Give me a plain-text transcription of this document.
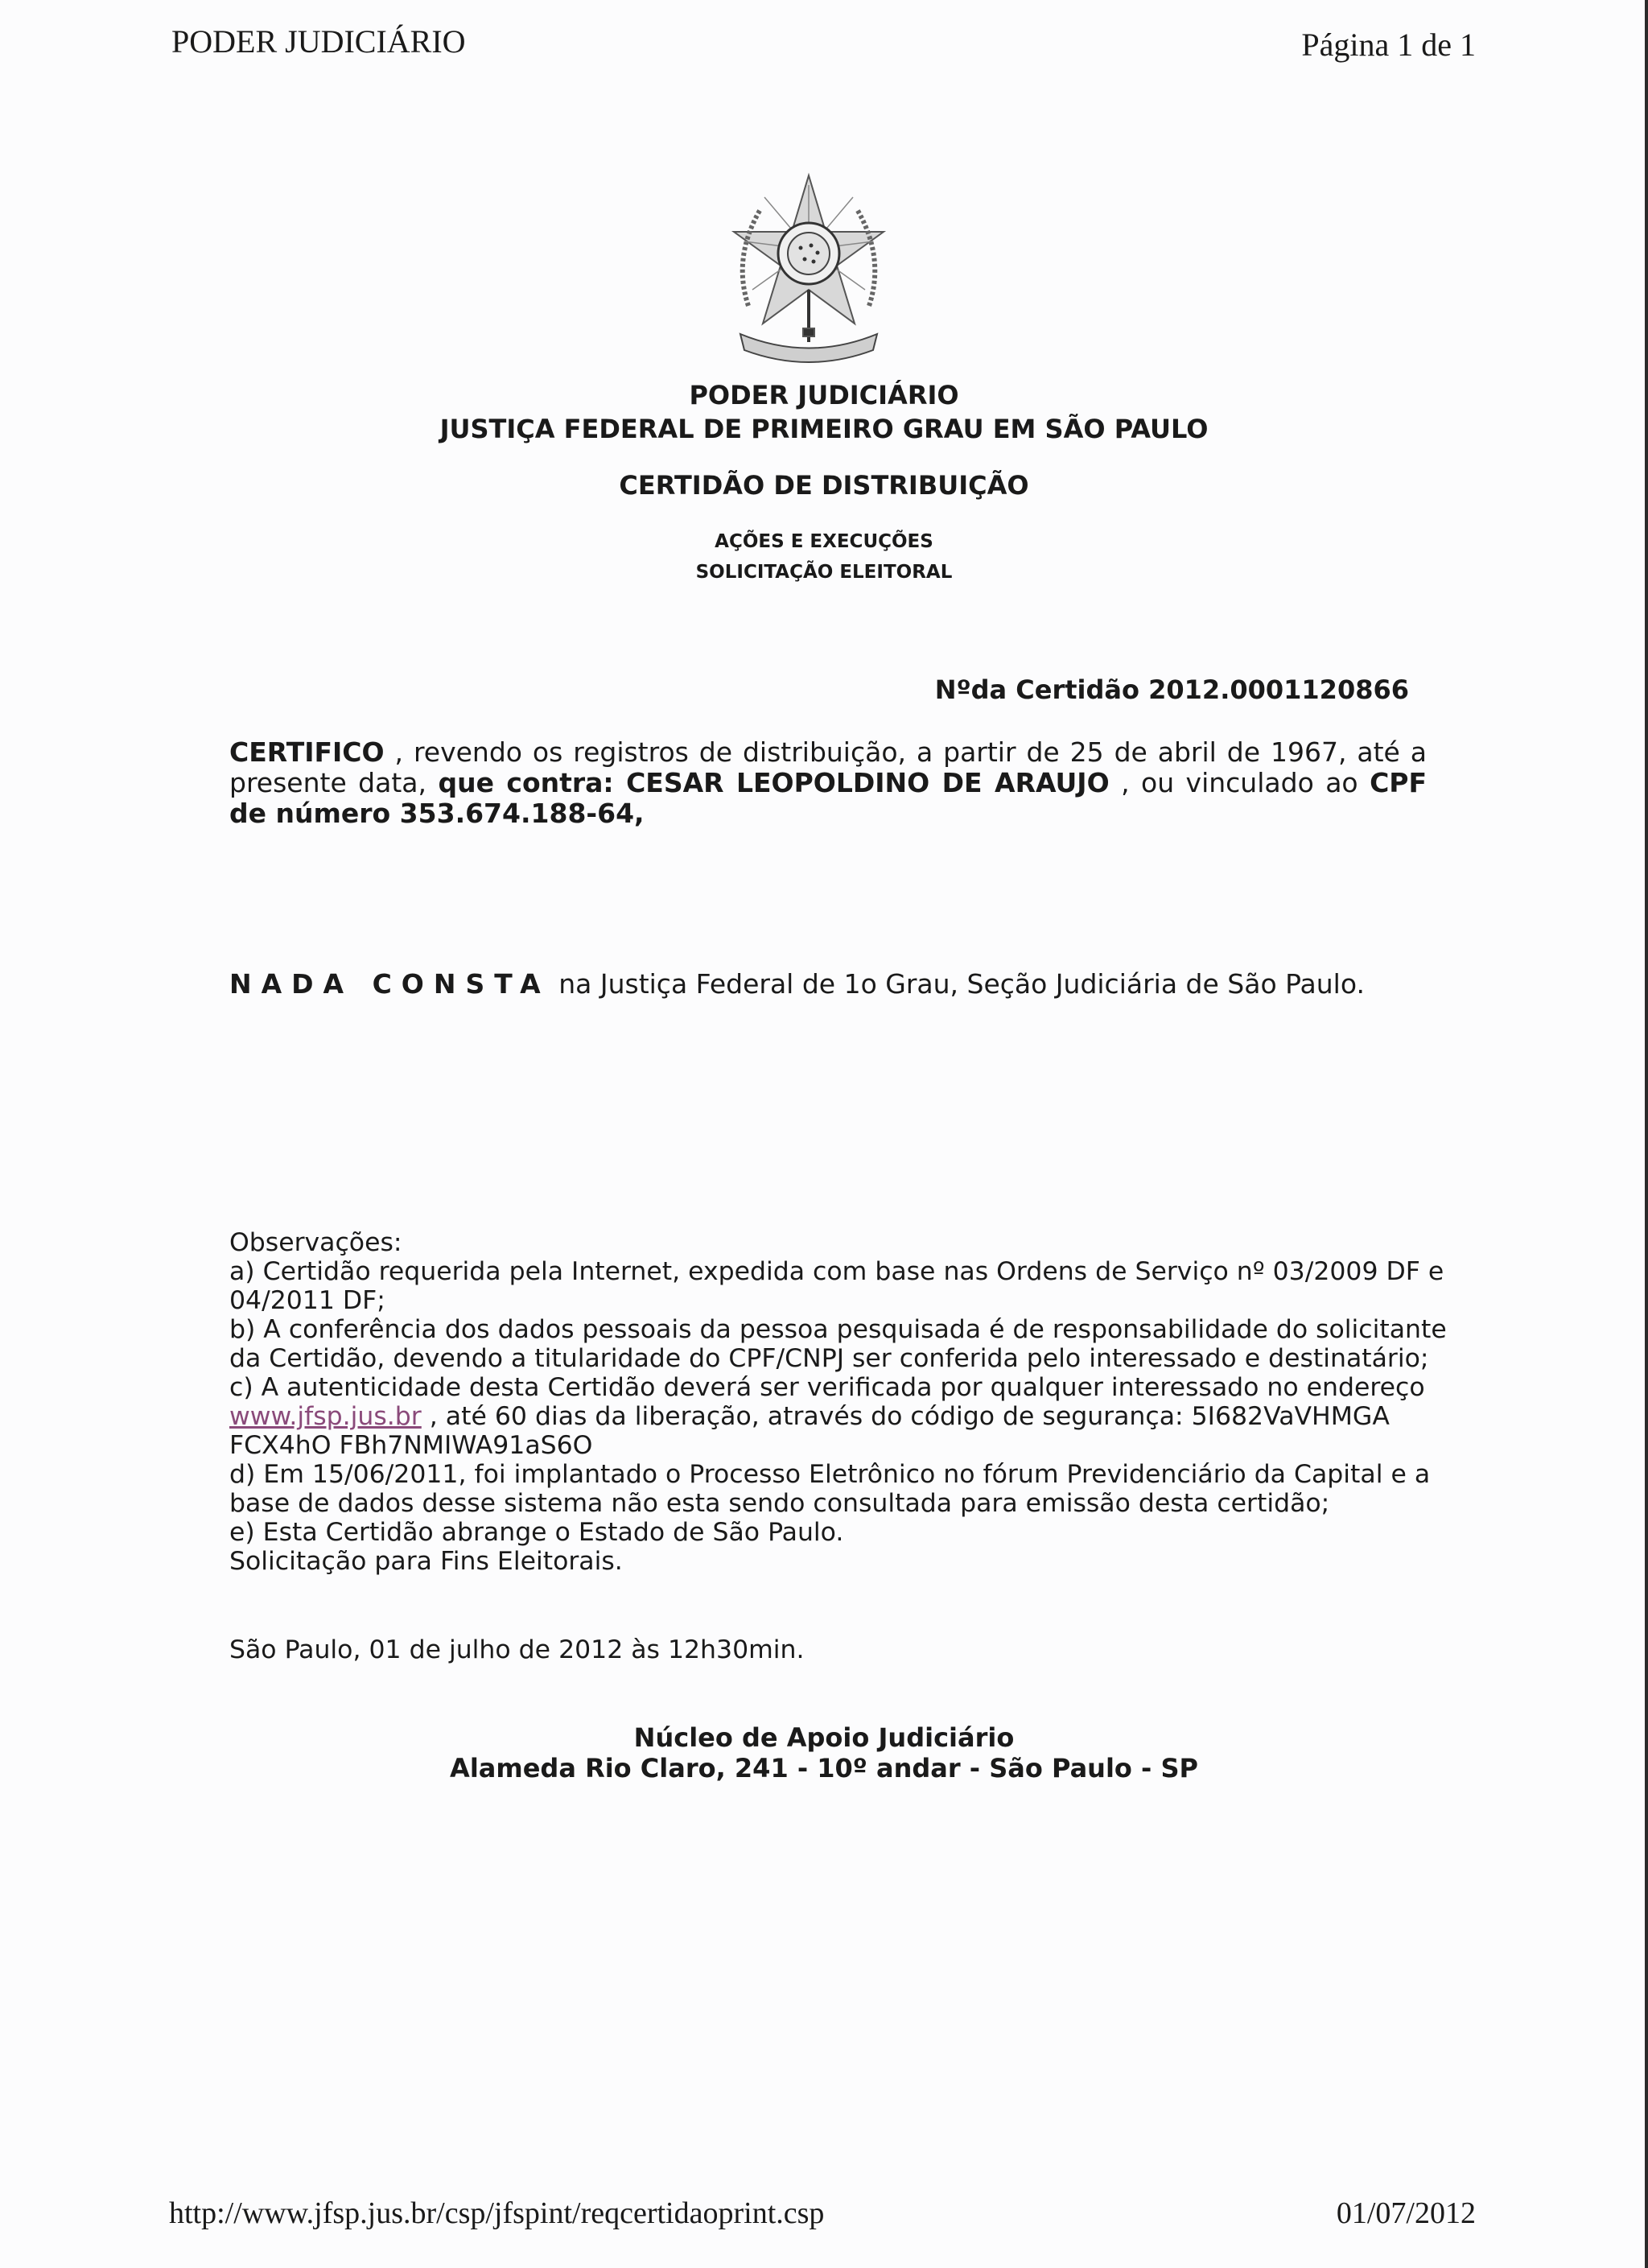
PODER JUDICIÁRIO	Página 1 de 1
PODER JUDICIÁRIO
JUSTIÇA FEDERAL DE PRIMEIRO GRAU EM SÃO PAULO
CERTIDÃO DE DISTRIBUIÇÃO
AÇÕES E EXECUÇÕES
SOLICITAÇÃO ELEITORAL
Nºda Certidão 2012.0001120866
CERTIFICO , revendo os registros de distribuição, a partir de 25 de abril de 1967, até a presente data, que contra: CESAR LEOPOLDINO DE ARAUJO , ou vinculado ao CPF de número 353.674.188-64,
NADA CONSTA na Justiça Federal de 1o Grau, Seção Judiciária de São Paulo.
Observações:
a) Certidão requerida pela Internet, expedida com base nas Ordens de Serviço nº 03/2009 DF e 04/2011 DF;
b) A conferência dos dados pessoais da pessoa pesquisada é de responsabilidade do solicitante da Certidão, devendo a titularidade do CPF/CNPJ ser conferida pelo interessado e destinatário;
c) A autenticidade desta Certidão deverá ser verificada por qualquer interessado no endereço www.jfsp.jus.br , até 60 dias da liberação, através do código de segurança: 5I682VaVHMGA FCX4hO FBh7NMIWA91aS6O
d) Em 15/06/2011, foi implantado o Processo Eletrônico no fórum Previdenciário da Capital e a base de dados desse sistema não esta sendo consultada para emissão desta certidão;
e) Esta Certidão abrange o Estado de São Paulo.
Solicitação para Fins Eleitorais.
São Paulo, 01 de julho de 2012 às 12h30min.
Núcleo de Apoio Judiciário
Alameda Rio Claro, 241 - 10º andar - São Paulo - SP
http://www.jfsp.jus.br/csp/jfspint/reqcertidaoprint.csp	01/07/2012
